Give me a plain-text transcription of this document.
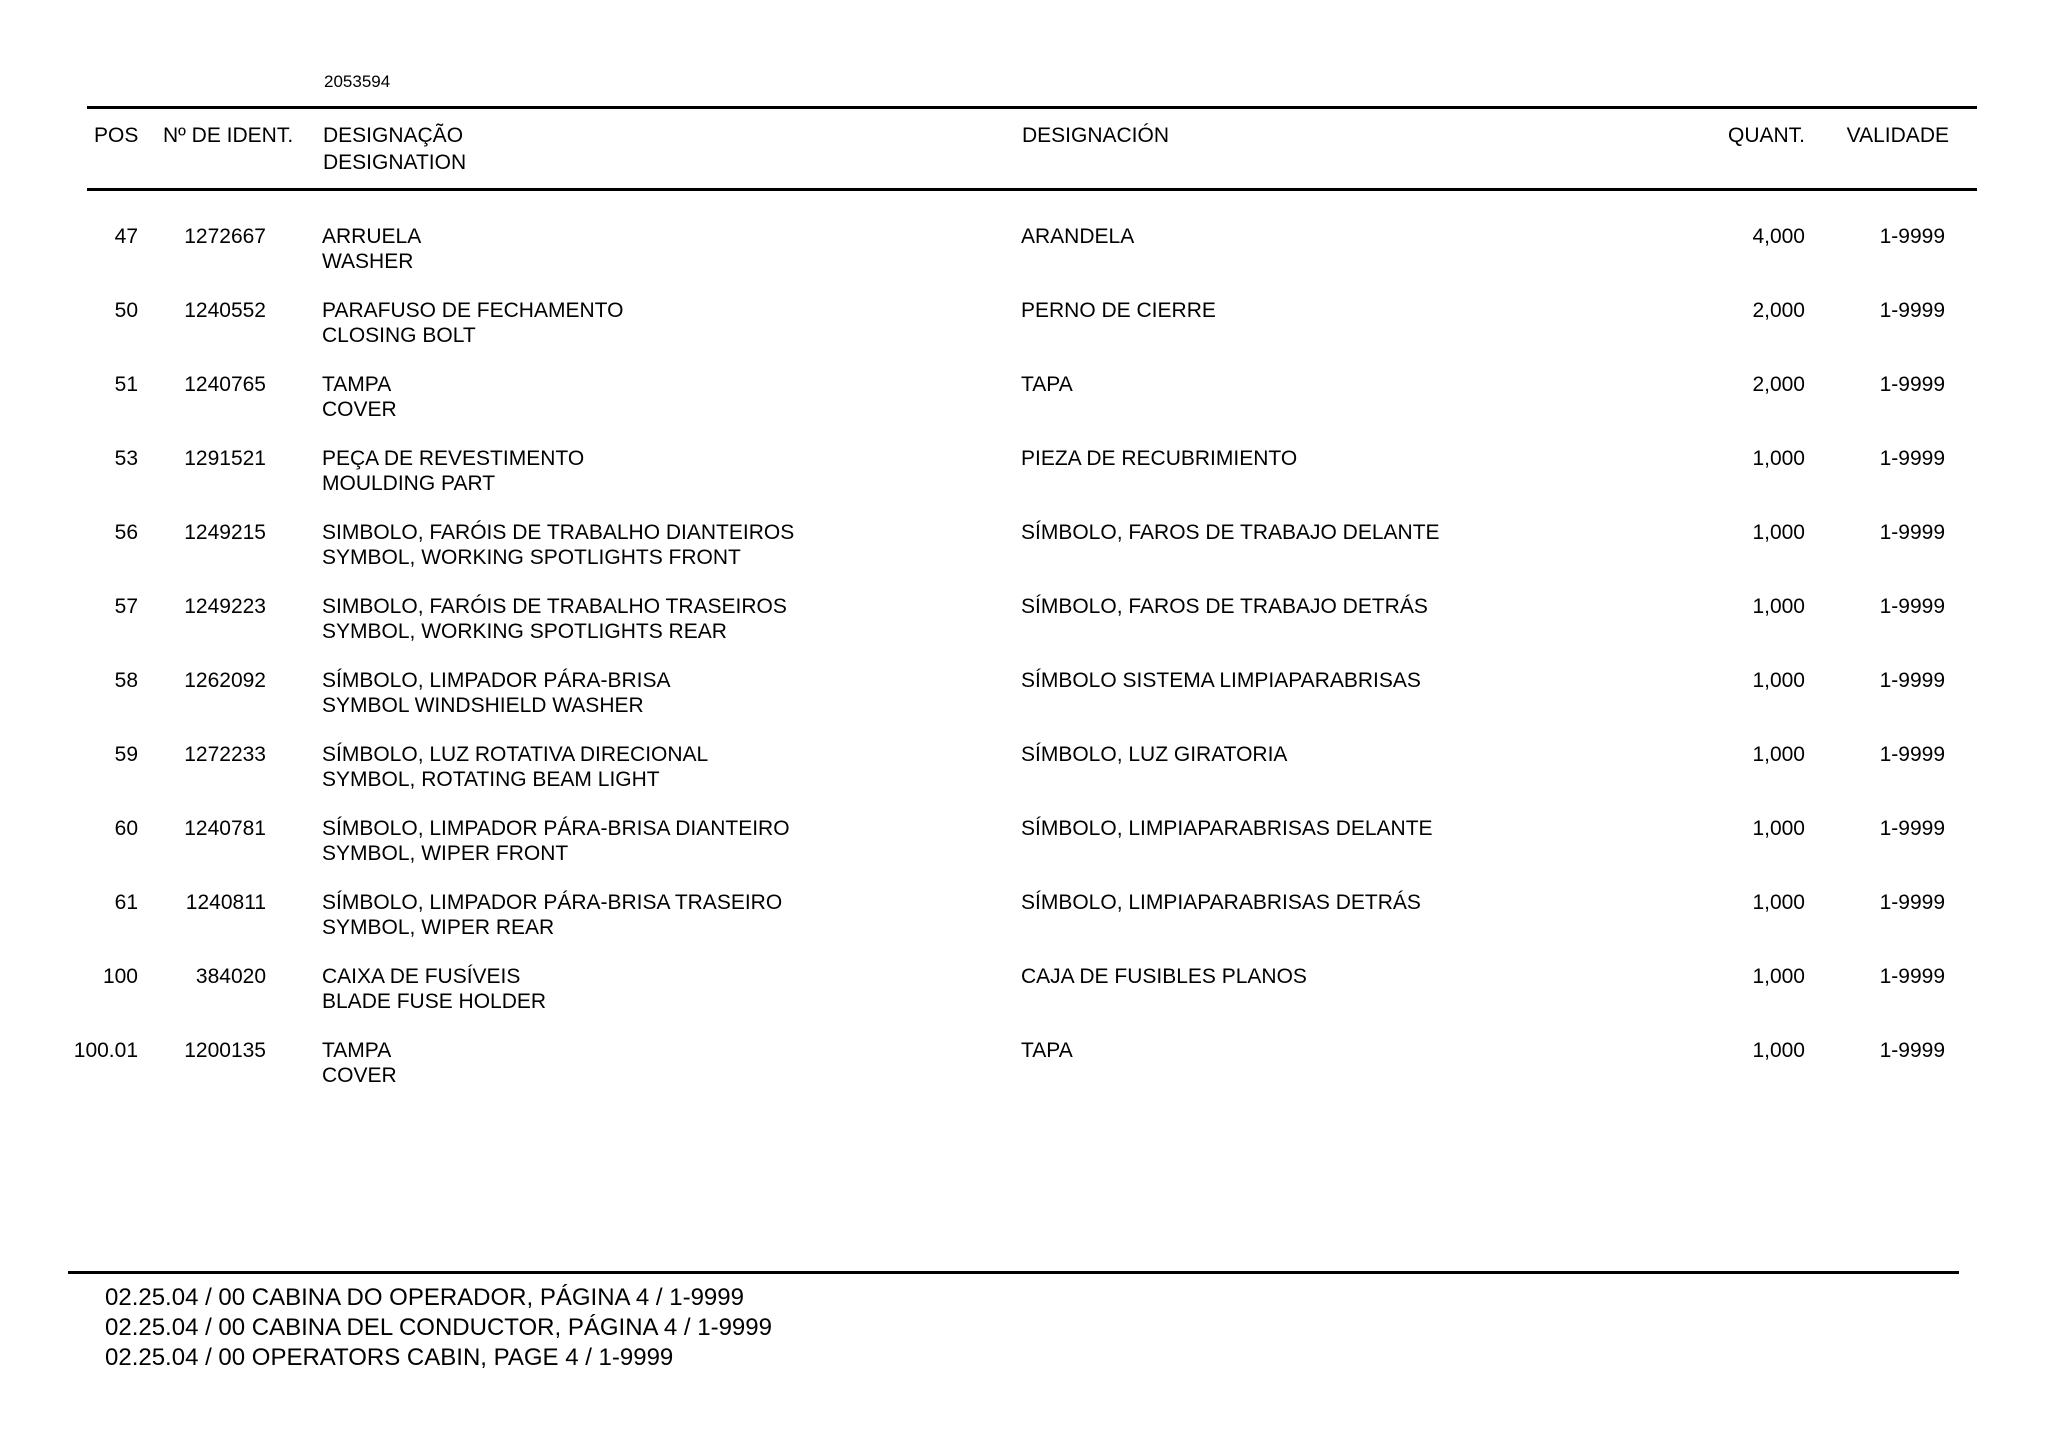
2053594
POS Nº DE IDENT. DESIGNAÇÃO
DESIGNATION
DESIGNACIÓN	QUANT. VALIDADE
47 1272667	ARRUELA
WASHER
ARANDELA	4,000	1-9999
50 1240552	PARAFUSO DE FECHAMENTO
CLOSING BOLT
PERNO DE CIERRE	2,000	1-9999
51 1240765	TAMPA
COVER
TAPA	2,000	1-9999
53 1291521	PEÇA DE REVESTIMENTO
MOULDING PART
PIEZA DE RECUBRIMIENTO	1,000	1-9999
56 1249215	SIMBOLO, FARÓIS DE TRABALHO DIANTEIROS
SYMBOL, WORKING SPOTLIGHTS FRONT
SÍMBOLO, FAROS DE TRABAJO DELANTE	1,000	1-9999
57 1249223	SIMBOLO, FARÓIS DE TRABALHO TRASEIROS
SYMBOL, WORKING SPOTLIGHTS REAR
SÍMBOLO, FAROS DE TRABAJO DETRÁS	1,000	1-9999
58 1262092	SÍMBOLO, LIMPADOR PÁRA-BRISA
SYMBOL WINDSHIELD WASHER
SÍMBOLO SISTEMA LIMPIAPARABRISAS	1,000	1-9999
59 1272233	SÍMBOLO, LUZ ROTATIVA DIRECIONAL
SYMBOL, ROTATING BEAM LIGHT
SÍMBOLO, LUZ GIRATORIA	1,000	1-9999
60 1240781	SÍMBOLO, LIMPADOR PÁRA-BRISA DIANTEIRO
SYMBOL, WIPER FRONT
SÍMBOLO, LIMPIAPARABRISAS DELANTE	1,000	1-9999
61 1240811	SÍMBOLO, LIMPADOR PÁRA-BRISA TRASEIRO
SYMBOL, WIPER REAR
SÍMBOLO, LIMPIAPARABRISAS DETRÁS	1,000	1-9999
100	384020	CAIXA DE FUSÍVEIS
BLADE FUSE HOLDER
CAJA DE FUSIBLES PLANOS	1,000	1-9999
100.01 1200135	TAMPA
COVER
TAPA	1,000	1-9999
02.25.04 / 00 CABINA DO OPERADOR, PÁGINA 4 / 1-9999
02.25.04 / 00 CABINA DEL CONDUCTOR, PÁGINA 4 / 1-9999
02.25.04 / 00 OPERATORS CABIN, PAGE 4 / 1-9999
